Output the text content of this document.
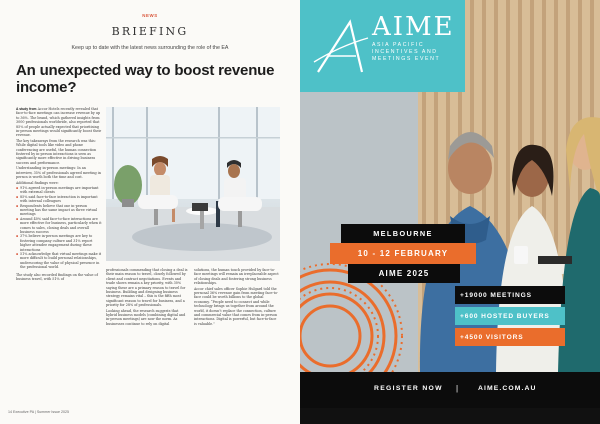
NEWS
BRIEFING
Keep up to date with the latest news surrounding the role of the EA
An unexpected way to boost revenue income?

A study from Accor Hotels recently revealed that face-to-face meetings can increase revenue by up to 36%. The brand, which gathered insights from 3000 professionals worldwide, also reported that 85% of people actually expected that prioritising in-person meetings would significantly boost their revenue.

The key takeaways from the research was this: While digital tools like video and phone conferencing are useful, the human connection fostered by in-person interactions is seen as significantly more effective in driving business success and performance.

Understanding in-person meetings: In an interview, 35% of professionals agreed meeting in person is worth both the time and cost.

Additional findings were:

■ 91% agreed in-person meetings are important with external clients
■ 85% said face-to-face interaction is important with internal colleagues
■ Respondents believe that one in-person meeting has the same impact as three virtual meetings
■ Around 40% said face-to-face interactions are more effective for business, particularly when it comes to sales, closing deals and overall business success
■ 37% believe in-person meetings are key to fostering company culture and 31% report higher attendee engagement during these interactions
■ 51% acknowledge that virtual meetings make it more difficult to build personal relationships, underscoring the value of physical presence in the professional world.

The study also recorded findings on the value of business travel, with 51% of

professionals commending that closing a deal is their main reason to travel, closely followed by client and contract negotiations. Events and trade shows remain a key priority, with 30% saying these are a primary reason to travel for business. Building and designing business strategy remains vital – this is the fifth most significant reason to travel for business, and a priority for 28% of professionals.

Looking ahead, the research suggests that hybrid business models (combining digital and in-person meetings) are now the norm. As businesses continue to rely on digital

solutions, the human touch provided by face-to-face meetings will remain an irreplaceable aspect of closing deals and fostering strong business relationships.

Accor chief sales officer Sophie Hulgard told the personal 36% revenue gain from meeting face-to-face could be worth billions to the global economy. “People need to connect and while technology brings us together from around the world, it doesn’t replace the connection, culture and commercial value that comes from in-person interactions. Digital is powerful, but face-to-face is valuable.”

14 Executive PA | Summer Issue 2025
AIME
ASIA PACIFIC
INCENTIVES AND
MEETINGS EVENT
MELBOURNE
10 - 12 FEBRUARY
AIME 2025
+19000 MEETINGS
+600 HOSTED BUYERS
+4500 VISITORS
REGISTER NOW |	AIME.COM.AU
